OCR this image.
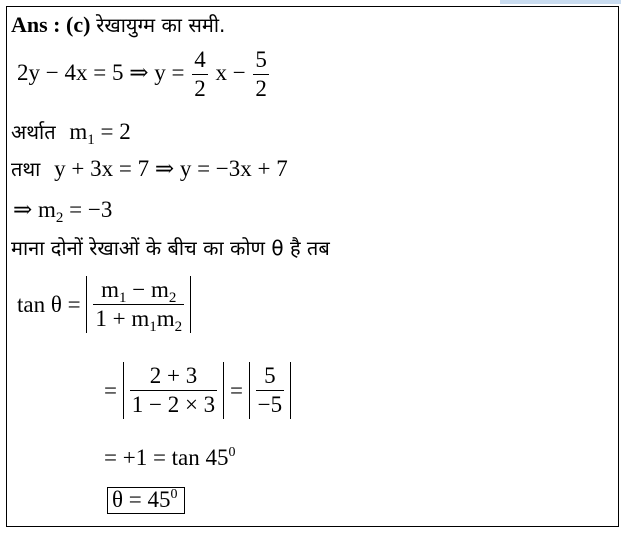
Ans : (c) रेखायुग्म का समी.
2y − 4x = 5 ⇒ $y = \frac{4}{2}$ $x - \frac{5}{2}$
अर्थात $m_1 = 2$
तथा y + 3x = 7 ⇒ y = −3x + 7
⇒ $m_2 = -3$
माना दोनों रेखाओं के बीच का कोण θ है तब
$\tan \theta = \frac{m_1 - m_2}{1 + m_1m_2}$
= $\frac{2 + 3}{1 - 2 \times 3} = \frac{5}{-5}$
= $+1 = \tan 45^0$
$\theta = 45^0$
